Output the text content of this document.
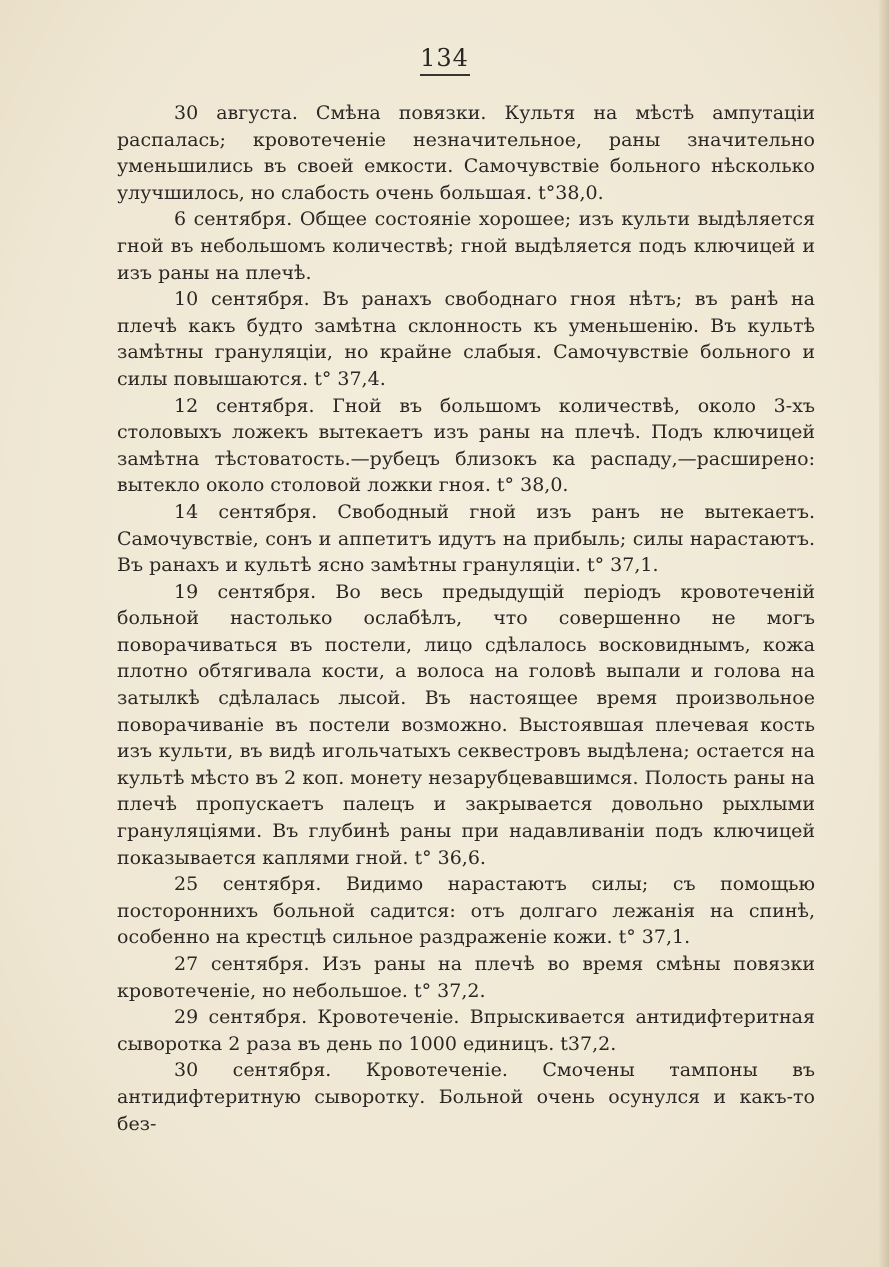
134

30 августа. Смѣна повязки. Культя на мѣстѣ ампутаціи распалась; кровотеченіе незначительное, раны значительно уменьшились въ своей емкости. Самочувствіе больного нѣсколько улучшилось, но слабость очень большая. t°38,0.

6 сентября. Общее состояніе хорошее; изъ культи выдѣляется гной въ небольшомъ количествѣ; гной выдѣляется подъ ключицей и изъ раны на плечѣ.

10 сентября. Въ ранахъ свободнаго гноя нѣтъ; въ ранѣ на плечѣ какъ будто замѣтна склонность къ уменьшенію. Въ культѣ замѣтны грануляціи, но крайне слабыя. Самочувствіе больного и силы повышаются. t° 37,4.

12 сентября. Гной въ большомъ количествѣ, около 3-хъ столовыхъ ложекъ вытекаетъ изъ раны на плечѣ. Подъ ключицей замѣтна тѣстоватость.—рубецъ близокъ ка распаду,—расширено: вытекло около столовой ложки гноя. t° 38,0.

14 сентября. Свободный гной изъ ранъ не вытекаетъ. Самочувствіе, сонъ и аппетитъ идутъ на прибыль; силы нарастаютъ. Въ ранахъ и культѣ ясно замѣтны грануляціи. t° 37,1.

19 сентября. Во весь предыдущій періодъ кровотеченій больной настолько ослабѣлъ, что совершенно не могъ поворачиваться въ постели, лицо сдѣлалось восковиднымъ, кожа плотно обтягивала кости, а волоса на головѣ выпали и голова на затылкѣ сдѣлалась лысой. Въ настоящее время произвольное поворачиваніе въ постели возможно. Выстоявшая плечевая кость изъ культи, въ видѣ игольчатыхъ секвестровъ выдѣлена; остается на культѣ мѣсто въ 2 коп. монету незарубцевавшимся. Полость раны на плечѣ пропускаетъ палецъ и закрывается довольно рыхлыми грануляціями. Въ глубинѣ раны при надавливаніи подъ ключицей показывается каплями гной. t° 36,6.

25 сентября. Видимо нарастаютъ силы; съ помощью постороннихъ больной садится: отъ долгаго лежанія на спинѣ, особенно на крестцѣ сильное раздраженіе кожи. t° 37,1.

27 сентября. Изъ раны на плечѣ во время смѣны повязки кровотеченіе, но небольшое. t° 37,2.

29 сентября. Кровотеченіе. Впрыскивается антидифтеритная сыворотка 2 раза въ день по 1000 единицъ. t37,2.

30 сентября. Кровотеченіе. Смочены тампоны въ антидифтеритную сыворотку. Больной очень осунулся и какъ-то без-
